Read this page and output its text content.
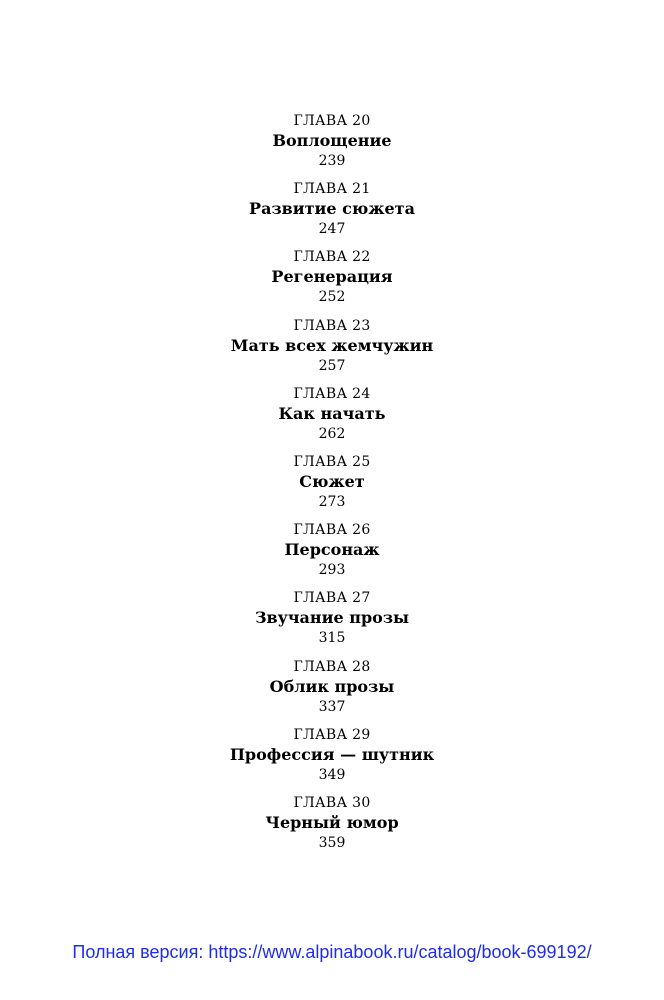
ГЛАВА 20
Воплощение
239
ГЛАВА 21
Развитие сюжета
247
ГЛАВА 22
Регенерация
252
ГЛАВА 23
Мать всех жемчужин
257
ГЛАВА 24
Как начать
262
ГЛАВА 25
Сюжет
273
ГЛАВА 26
Персонаж
293
ГЛАВА 27
Звучание прозы
315
ГЛАВА 28
Облик прозы
337
ГЛАВА 29
Профессия — шутник
349
ГЛАВА 30
Черный юмор
359
Полная версия: https://www.alpinabook.ru/catalog/book-699192/
